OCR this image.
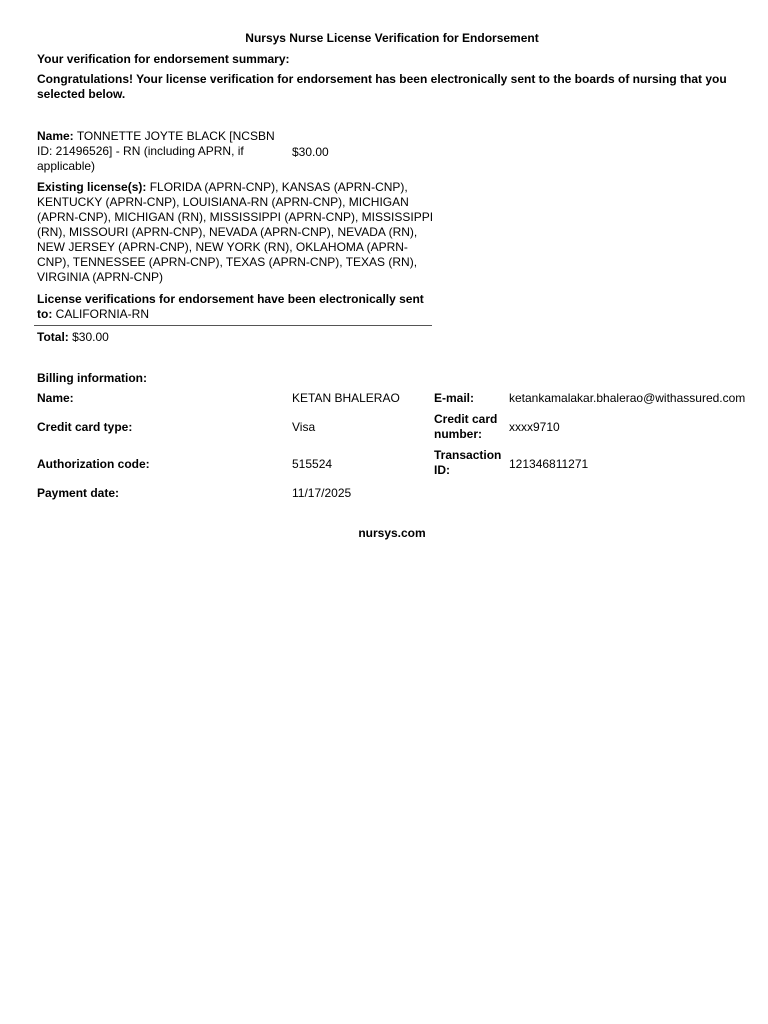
Nursys Nurse License Verification for Endorsement
Your verification for endorsement summary:
Congratulations! Your license verification for endorsement has been electronically sent to the boards of nursing that you selected below.
Name: TONNETTE JOYTE BLACK [NCSBN ID: 21496526] - RN (including APRN, if applicable)
$30.00
Existing license(s): FLORIDA (APRN-CNP), KANSAS (APRN-CNP), KENTUCKY (APRN-CNP), LOUISIANA-RN (APRN-CNP), MICHIGAN (APRN-CNP), MICHIGAN (RN), MISSISSIPPI (APRN-CNP), MISSISSIPPI (RN), MISSOURI (APRN-CNP), NEVADA (APRN-CNP), NEVADA (RN), NEW JERSEY (APRN-CNP), NEW YORK (RN), OKLAHOMA (APRN-CNP), TENNESSEE (APRN-CNP), TEXAS (APRN-CNP), TEXAS (RN), VIRGINIA (APRN-CNP)
License verifications for endorsement have been electronically sent to: CALIFORNIA-RN
Total: $30.00
Billing information:
Name:	KETAN BHALERAO	E-mail:	ketankamalakar.bhalerao@withassured.com
Credit card type:	Visa
Credit card number:	xxxx9710
Authorization code:	515524
Transaction ID:	121346811271
Payment date:	11/17/2025
nursys.com
